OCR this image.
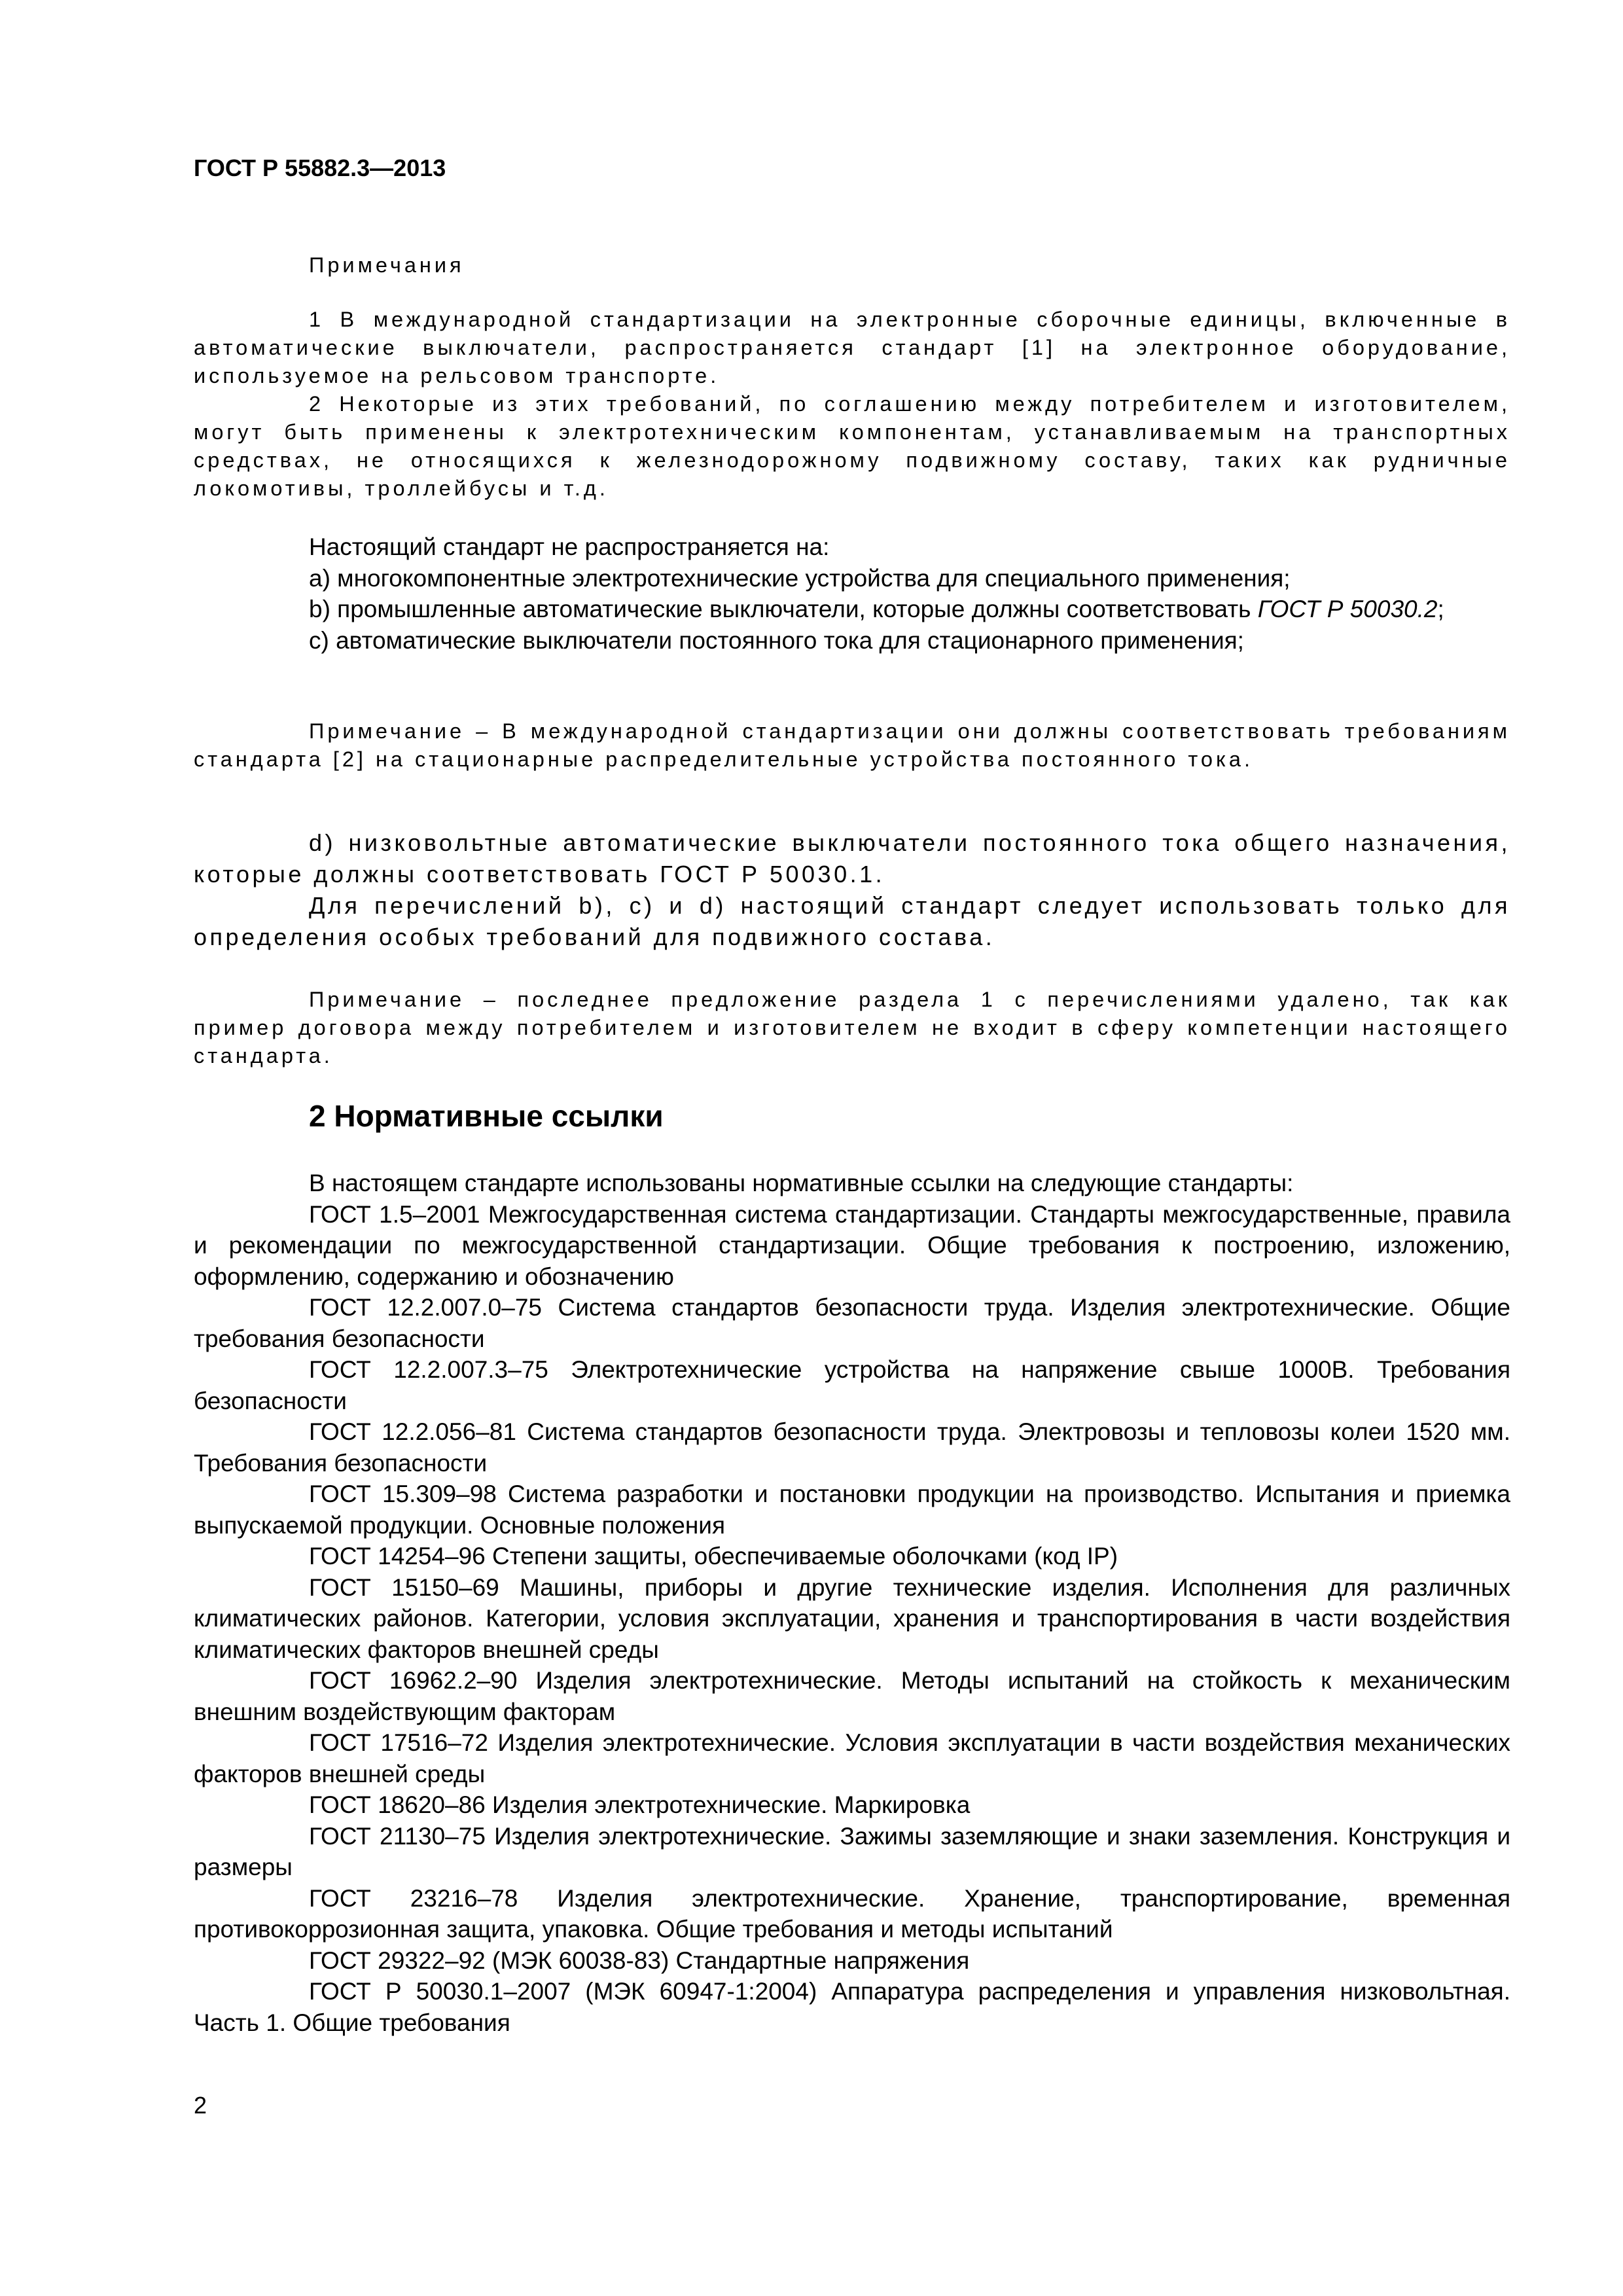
ГОСТ Р 55882.3—2013

Примечания

1 В международной стандартизации на электронные сборочные единицы, включенные в автоматические выключатели, распространяется стандарт [1] на электронное оборудование, используемое на рельсовом транспорте.

2 Некоторые из этих требований, по соглашению между потребителем и изготовителем, могут быть применены к электротехническим компонентам, устанавливаемым на транспортных средствах, не относящихся к железнодорожному подвижному составу, таких как рудничные локомотивы, троллейбусы и т.д.

Настоящий стандарт не распространяется на:

а) многокомпонентные электротехнические устройства для специального применения;

b) промышленные автоматические выключатели, которые должны соответствовать ГОСТ Р 50030.2;

с) автоматические выключатели постоянного тока для стационарного применения;

Примечание – В международной стандартизации они должны соответствовать требованиям стандарта [2] на стационарные распределительные устройства постоянного тока.

d) низковольтные автоматические выключатели постоянного тока общего назначения, которые должны соответствовать ГОСТ Р 50030.1.

Для перечислений b), c) и d) настоящий стандарт следует использовать только для определения особых требований для подвижного состава.

Примечание – последнее предложение раздела 1 с перечислениями удалено, так как пример договора между потребителем и изготовителем не входит в сферу компетенции настоящего стандарта.

2 Нормативные ссылки

В настоящем стандарте использованы нормативные ссылки на следующие стандарты:

ГОСТ 1.5–2001 Межгосударственная система стандартизации. Стандарты межгосударственные, правила и рекомендации по межгосударственной стандартизации. Общие требования к построению, изложению, оформлению, содержанию и обозначению

ГОСТ 12.2.007.0–75 Система стандартов безопасности труда. Изделия электротехнические. Общие требования безопасности

ГОСТ 12.2.007.3–75 Электротехнические устройства на напряжение свыше 1000В. Требования безопасности

ГОСТ 12.2.056–81 Система стандартов безопасности труда. Электровозы и тепловозы колеи 1520 мм. Требования безопасности

ГОСТ 15.309–98 Система разработки и постановки продукции на производство. Испытания и приемка выпускаемой продукции. Основные положения

ГОСТ 14254–96 Степени защиты, обеспечиваемые оболочками (код IP)

ГОСТ 15150–69 Машины, приборы и другие технические изделия. Исполнения для различных климатических районов. Категории, условия эксплуатации, хранения и транспортирования в части воздействия климатических факторов внешней среды

ГОСТ 16962.2–90 Изделия электротехнические. Методы испытаний на стойкость к механическим внешним воздействующим факторам

ГОСТ 17516–72 Изделия электротехнические. Условия эксплуатации в части воздействия механических факторов внешней среды

ГОСТ 18620–86 Изделия электротехнические. Маркировка

ГОСТ 21130–75 Изделия электротехнические. Зажимы заземляющие и знаки заземления. Конструкция и размеры

ГОСТ 23216–78 Изделия электротехнические. Хранение, транспортирование, временная противокоррозионная защита, упаковка. Общие требования и методы испытаний

ГОСТ 29322–92 (МЭК 60038-83) Стандартные напряжения

ГОСТ Р 50030.1–2007 (МЭК 60947-1:2004) Аппаратура распределения и управления низковольтная. Часть 1. Общие требования

2
